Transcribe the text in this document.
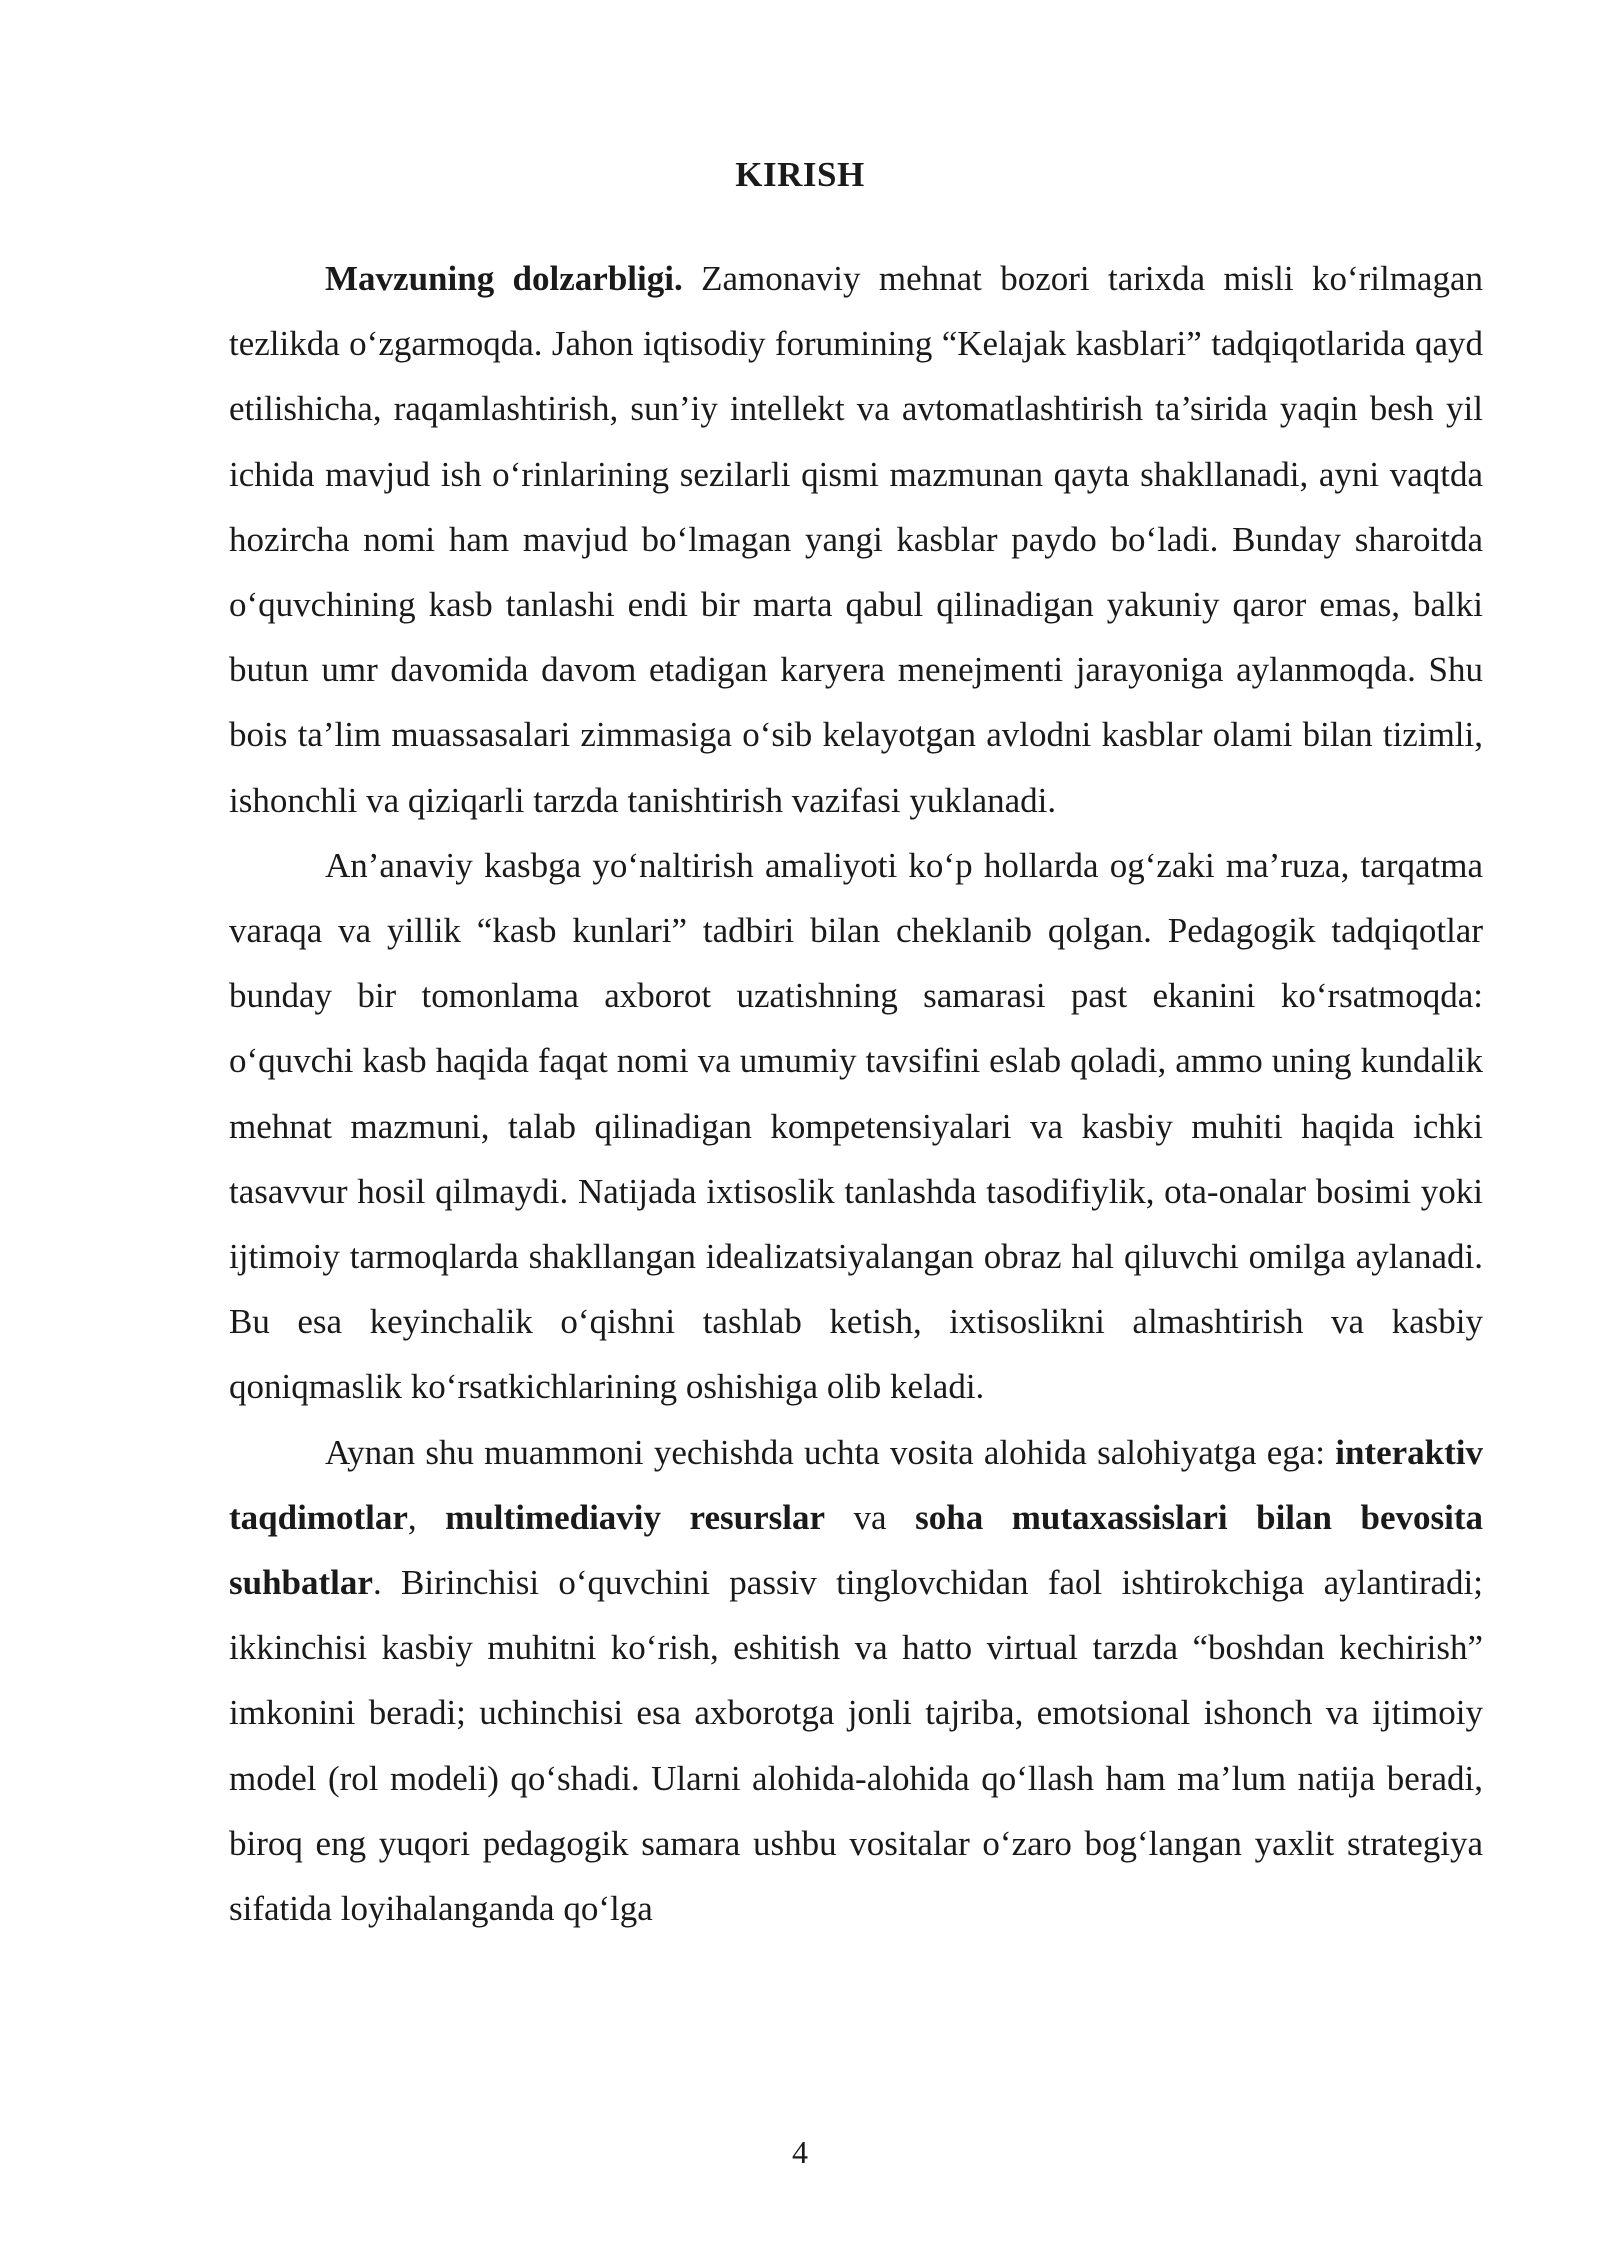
KIRISH

Mavzuning dolzarbligi. Zamonaviy mehnat bozori tarixda misli ko‘rilmagan tezlikda o‘zgarmoqda. Jahon iqtisodiy forumining “Kelajak kasblari” tadqiqotlarida qayd etilishicha, raqamlashtirish, sun’iy intellekt va avtomatlashtirish ta’sirida yaqin besh yil ichida mavjud ish o‘rinlarining sezilarli qismi mazmunan qayta shakllanadi, ayni vaqtda hozircha nomi ham mavjud bo‘lmagan yangi kasblar paydo bo‘ladi. Bunday sharoitda o‘quvchining kasb tanlashi endi bir marta qabul qilinadigan yakuniy qaror emas, balki butun umr davomida davom etadigan karyera menejmenti jarayoniga aylanmoqda. Shu bois ta’lim muassasalari zimmasiga o‘sib kelayotgan avlodni kasblar olami bilan tizimli, ishonchli va qiziqarli tarzda tanishtirish vazifasi yuklanadi.

An’anaviy kasbga yo‘naltirish amaliyoti ko‘p hollarda og‘zaki ma’ruza, tarqatma varaqa va yillik “kasb kunlari” tadbiri bilan cheklanib qolgan. Pedagogik tadqiqotlar bunday bir tomonlama axborot uzatishning samarasi past ekanini ko‘rsatmoqda: o‘quvchi kasb haqida faqat nomi va umumiy tavsifini eslab qoladi, ammo uning kundalik mehnat mazmuni, talab qilinadigan kompetensiyalari va kasbiy muhiti haqida ichki tasavvur hosil qilmaydi. Natijada ixtisoslik tanlashda tasodifiylik, ota-onalar bosimi yoki ijtimoiy tarmoqlarda shakllangan idealizatsiyalangan obraz hal qiluvchi omilga aylanadi. Bu esa keyinchalik o‘qishni tashlab ketish, ixtisoslikni almashtirish va kasbiy qoniqmaslik ko‘rsatkichlarining oshishiga olib keladi.

Aynan shu muammoni yechishda uchta vosita alohida salohiyatga ega: interaktiv taqdimotlar, multimediaviy resurslar va soha mutaxassislari bilan bevosita suhbatlar. Birinchisi o‘quvchini passiv tinglovchidan faol ishtirokchiga aylantiradi; ikkinchisi kasbiy muhitni ko‘rish, eshitish va hatto virtual tarzda “boshdan kechirish” imkonini beradi; uchinchisi esa axborotga jonli tajriba, emotsional ishonch va ijtimoiy model (rol modeli) qo‘shadi. Ularni alohida-alohida qo‘llash ham ma’lum natija beradi, biroq eng yuqori pedagogik samara ushbu vositalar o‘zaro bog‘langan yaxlit strategiya sifatida loyihalanganda qo‘lga

4
